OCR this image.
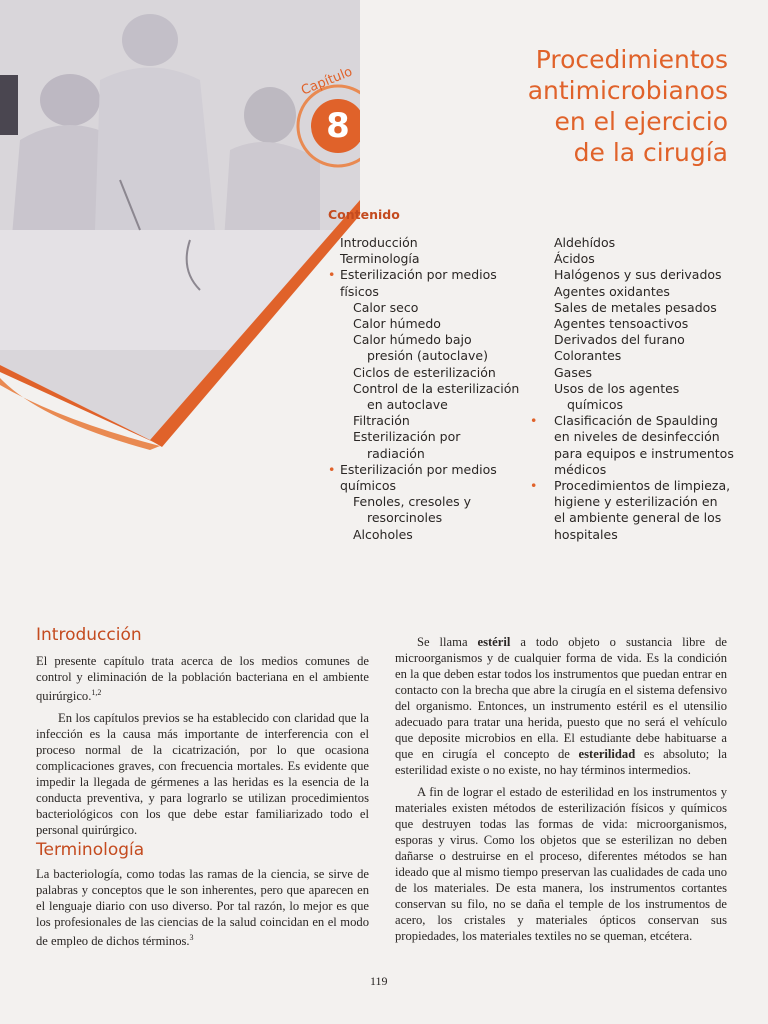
Capítulo
8
Procedimientos
antimicrobianos
en el ejercicio
de la cirugía
Contenido
• Introducción
Terminología
• Esterilización por medios
físicos
Calor seco
Calor húmedo
Calor húmedo bajo
presión (autoclave)
Ciclos de esterilización
Control de la esterilización
en autoclave
Filtración
Esterilización por
radiación
• Esterilización por medios
químicos
Fenoles, cresoles y
resorcinoles
Alcoholes
Aldehídos
Ácidos
Halógenos y sus derivados
Agentes oxidantes
Sales de metales pesados
Agentes tensoactivos
Derivados del furano
Colorantes
Gases
Usos de los agentes
químicos
• Clasificación de Spaulding
en niveles de desinfección
para equipos e instrumentos
médicos
• Procedimientos de limpieza,
higiene y esterilización en
el ambiente general de los
hospitales
Introducción

El presente capítulo trata acerca de los medios comunes de control y eliminación de la población bacteriana en el ambiente quirúrgico.$^{1,2}$

En los capítulos previos se ha establecido con claridad que la infección es la causa más importante de interferencia con el proceso normal de la cicatrización, por lo que ocasiona complicaciones graves, con frecuencia mortales. Es evidente que impedir la llegada de gérmenes a las heridas es la esencia de la conducta preventiva, y para lograrlo se utilizan procedimientos bacteriológicos con los que debe estar familiarizado todo el personal quirúrgico.

Terminología

La bacteriología, como todas las ramas de la ciencia, se sirve de palabras y conceptos que le son inherentes, pero que aparecen en el lenguaje diario con uso diverso. Por tal razón, lo mejor es que los profesionales de las ciencias de la salud coincidan en el modo de empleo de dichos términos.$^3$

Se llama estéril a todo objeto o sustancia libre de microorganismos y de cualquier forma de vida. Es la condición en la que deben estar todos los instrumentos que puedan entrar en contacto con la brecha que abre la cirugía en el sistema defensivo del organismo. Entonces, un instrumento estéril es el utensilio adecuado para tratar una herida, puesto que no será el vehículo que deposite microbios en ella. El estudiante debe habituarse a que en cirugía el concepto de esterilidad es absoluto; la esterilidad existe o no existe, no hay términos intermedios.

A fin de lograr el estado de esterilidad en los instrumentos y materiales existen métodos de esterilización físicos y químicos que destruyen todas las formas de vida: microorganismos, esporas y virus. Como los objetos que se esterilizan no deben dañarse o destruirse en el proceso, diferentes métodos se han ideado que al mismo tiempo preservan las cualidades de cada uno de los materiales. De esta manera, los instrumentos cortantes conservan su filo, no se daña el temple de los instrumentos de acero, los cristales y materiales ópticos conservan sus propiedades, los materiales textiles no se queman, etcétera.

119
